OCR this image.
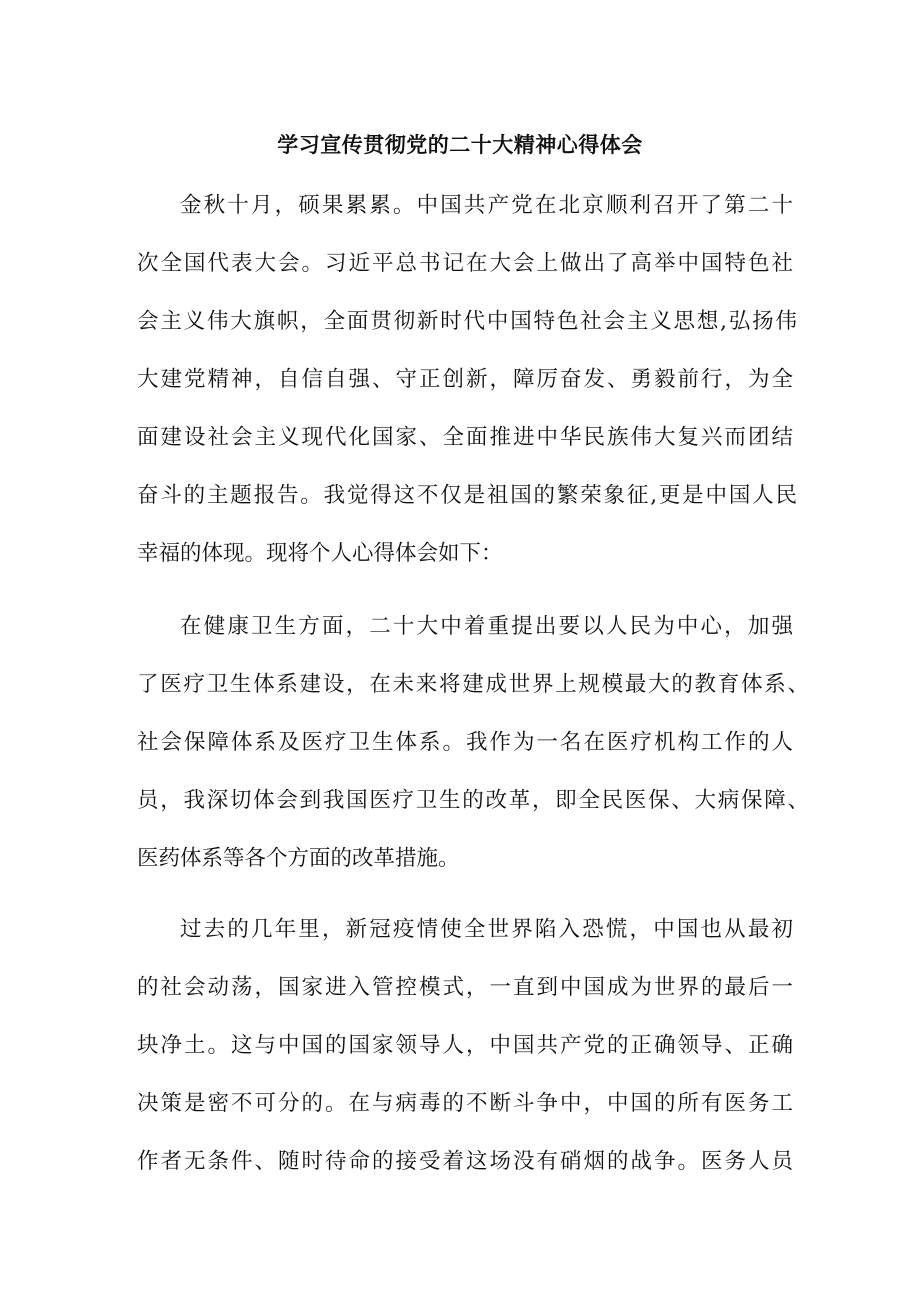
学习宣传贯彻党的二十大精神心得体会
金秋十月，硕果累累。中国共产党在北京顺利召开了第二十
次全国代表大会。习近平总书记在大会上做出了高举中国特色社
会主义伟大旗帜，全面贯彻新时代中国特色社会主义思想,弘扬伟
大建党精神，自信自强、守正创新，障厉奋发、勇毅前行，为全
面建设社会主义现代化国家、全面推进中华民族伟大复兴而团结
奋斗的主题报告。我觉得这不仅是祖国的繁荣象征,更是中国人民
幸福的体现。现将个人心得体会如下：
在健康卫生方面，二十大中着重提出要以人民为中心，加强
了医疗卫生体系建设，在未来将建成世界上规模最大的教育体系、
社会保障体系及医疗卫生体系。我作为一名在医疗机构工作的人
员，我深切体会到我国医疗卫生的改革，即全民医保、大病保障、
医药体系等各个方面的改革措施。
过去的几年里，新冠疫情使全世界陷入恐慌，中国也从最初
的社会动荡，国家进入管控模式，一直到中国成为世界的最后一
块净土。这与中国的国家领导人，中国共产党的正确领导、正确
决策是密不可分的。在与病毒的不断斗争中，中国的所有医务工
作者无条件、随时待命的接受着这场没有硝烟的战争。医务人员
